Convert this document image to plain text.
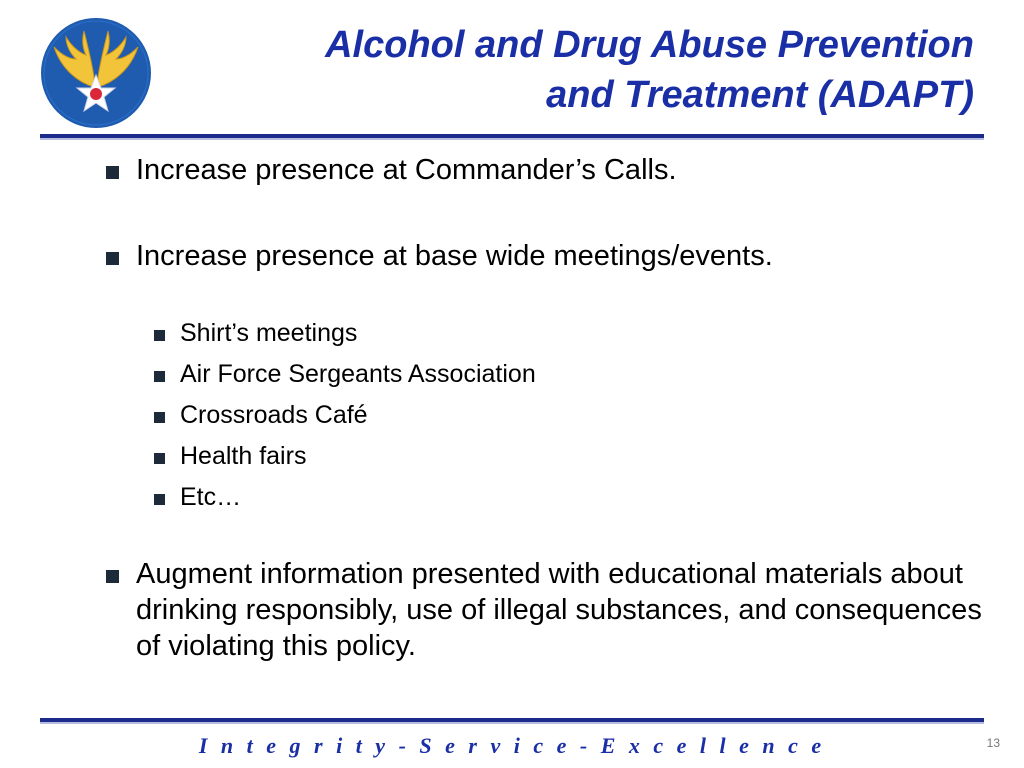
Alcohol and Drug Abuse Prevention
and Treatment (ADAPT)
Increase presence at Commander’s Calls.
Increase presence at base wide meetings/events.
Shirt’s meetings
Air Force Sergeants Association
Crossroads Café
Health fairs
Etc…
Augment information presented with educational materials about drinking responsibly, use of illegal substances, and consequences of violating this policy.
I n t e g r i t y - S e r v i c e - E x c e l l e n c e	13
